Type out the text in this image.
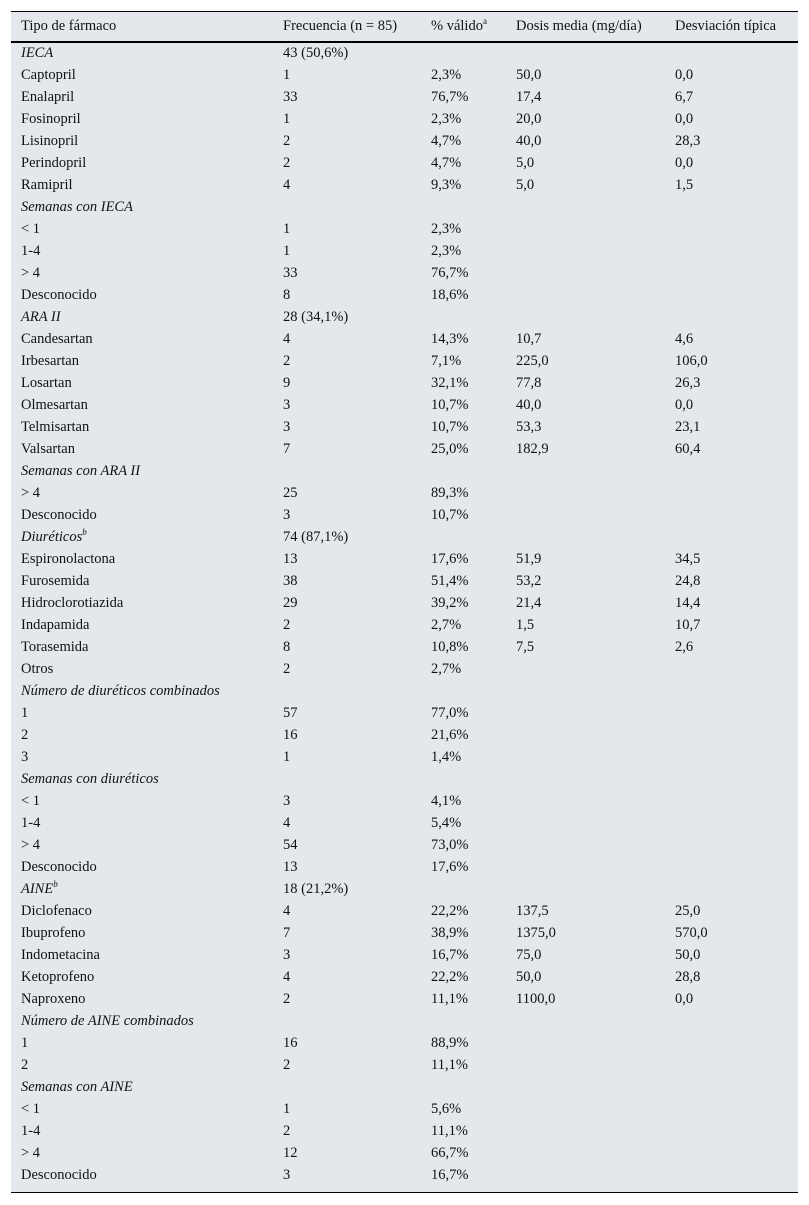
Tipo de fármaco	Frecuencia (n = 85)	% válido$^a$	Dosis media (mg/día)	Desviación típica
IECA	43 (50,6%)			
Captopril	1	2,3%	50,0	0,0
Enalapril	33	76,7%	17,4	6,7
Fosinopril	1	2,3%	20,0	0,0
Lisinopril	2	4,7%	40,0	28,3
Perindopril	2	4,7%	5,0	0,0
Ramipril	4	9,3%	5,0	1,5
Semanas con IECA				
< 1	1	2,3%		
1-4	1	2,3%		
> 4	33	76,7%		
Desconocido	8	18,6%		
ARA II	28 (34,1%)			
Candesartan	4	14,3%	10,7	4,6
Irbesartan	2	7,1%	225,0	106,0
Losartan	9	32,1%	77,8	26,3
Olmesartan	3	10,7%	40,0	0,0
Telmisartan	3	10,7%	53,3	23,1
Valsartan	7	25,0%	182,9	60,4
Semanas con ARA II				
> 4	25	89,3%		
Desconocido	3	10,7%		
Diuréticos$^b$	74 (87,1%)			
Espironolactona	13	17,6%	51,9	34,5
Furosemida	38	51,4%	53,2	24,8
Hidroclorotiazida	29	39,2%	21,4	14,4
Indapamida	2	2,7%	1,5	10,7
Torasemida	8	10,8%	7,5	2,6
Otros	2	2,7%		
Número de diuréticos combinados				
1	57	77,0%		
2	16	21,6%		
3	1	1,4%		
Semanas con diuréticos				
< 1	3	4,1%		
1-4	4	5,4%		
> 4	54	73,0%		
Desconocido	13	17,6%		
AINE$^b$	18 (21,2%)			
Diclofenaco	4	22,2%	137,5	25,0
Ibuprofeno	7	38,9%	1375,0	570,0
Indometacina	3	16,7%	75,0	50,0
Ketoprofeno	4	22,2%	50,0	28,8
Naproxeno	2	11,1%	1100,0	0,0
Número de AINE combinados				
1	16	88,9%		
2	2	11,1%		
Semanas con AINE				
< 1	1	5,6%		
1-4	2	11,1%		
> 4	12	66,7%		
Desconocido	3	16,7%		
